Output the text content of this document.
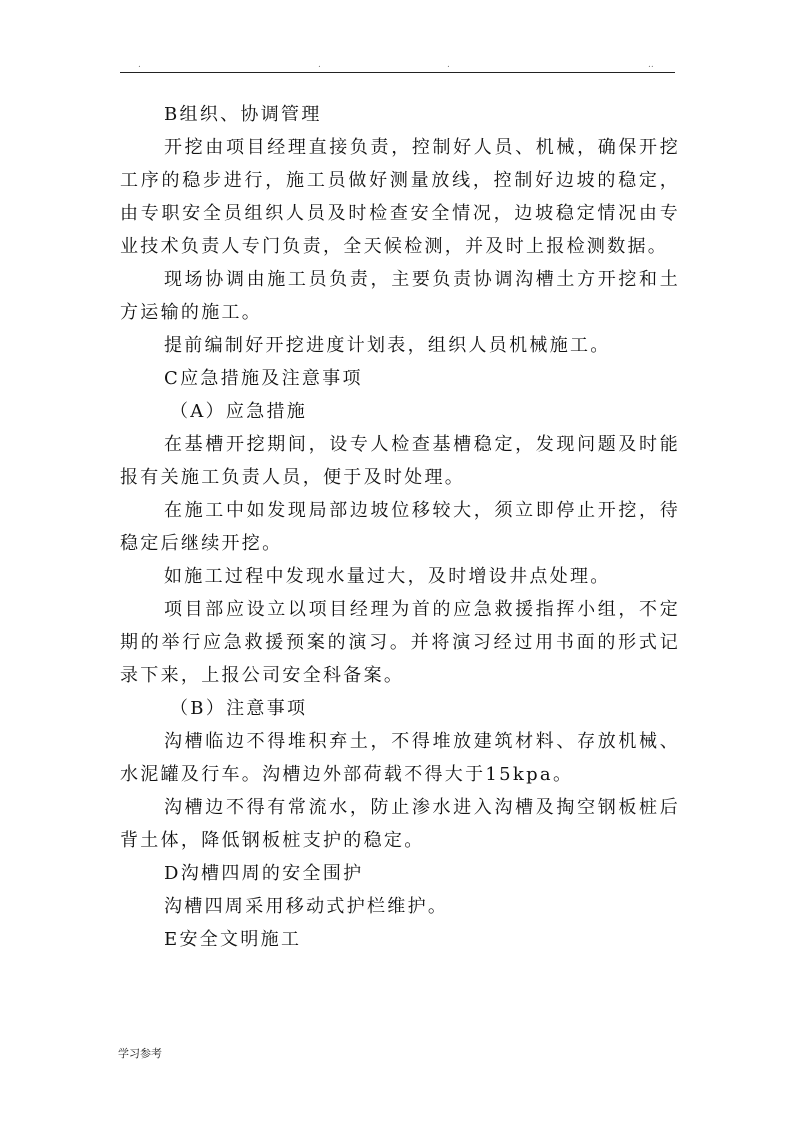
.	.	.	..

B组织、协调管理

开挖由项目经理直接负责，控制好人员、机械，确保开挖工序的稳步进行，施工员做好测量放线，控制好边坡的稳定，由专职安全员组织人员及时检查安全情况，边坡稳定情况由专业技术负责人专门负责，全天候检测，并及时上报检测数据。

现场协调由施工员负责，主要负责协调沟槽土方开挖和土方运输的施工。

提前编制好开挖进度计划表，组织人员机械施工。

C应急措施及注意事项

（A）应急措施

在基槽开挖期间，设专人检查基槽稳定，发现问题及时能报有关施工负责人员，便于及时处理。

在施工中如发现局部边坡位移较大，须立即停止开挖，待稳定后继续开挖。

如施工过程中发现水量过大，及时增设井点处理。

项目部应设立以项目经理为首的应急救援指挥小组，不定期的举行应急救援预案的演习。并将演习经过用书面的形式记录下来，上报公司安全科备案。

（B）注意事项

沟槽临边不得堆积弃土，不得堆放建筑材料、存放机械、水泥罐及行车。沟槽边外部荷载不得大于15kpa。

沟槽边不得有常流水，防止渗水进入沟槽及掏空钢板桩后背土体，降低钢板桩支护的稳定。

D沟槽四周的安全围护

沟槽四周采用移动式护栏维护。

E安全文明施工

学习参考
